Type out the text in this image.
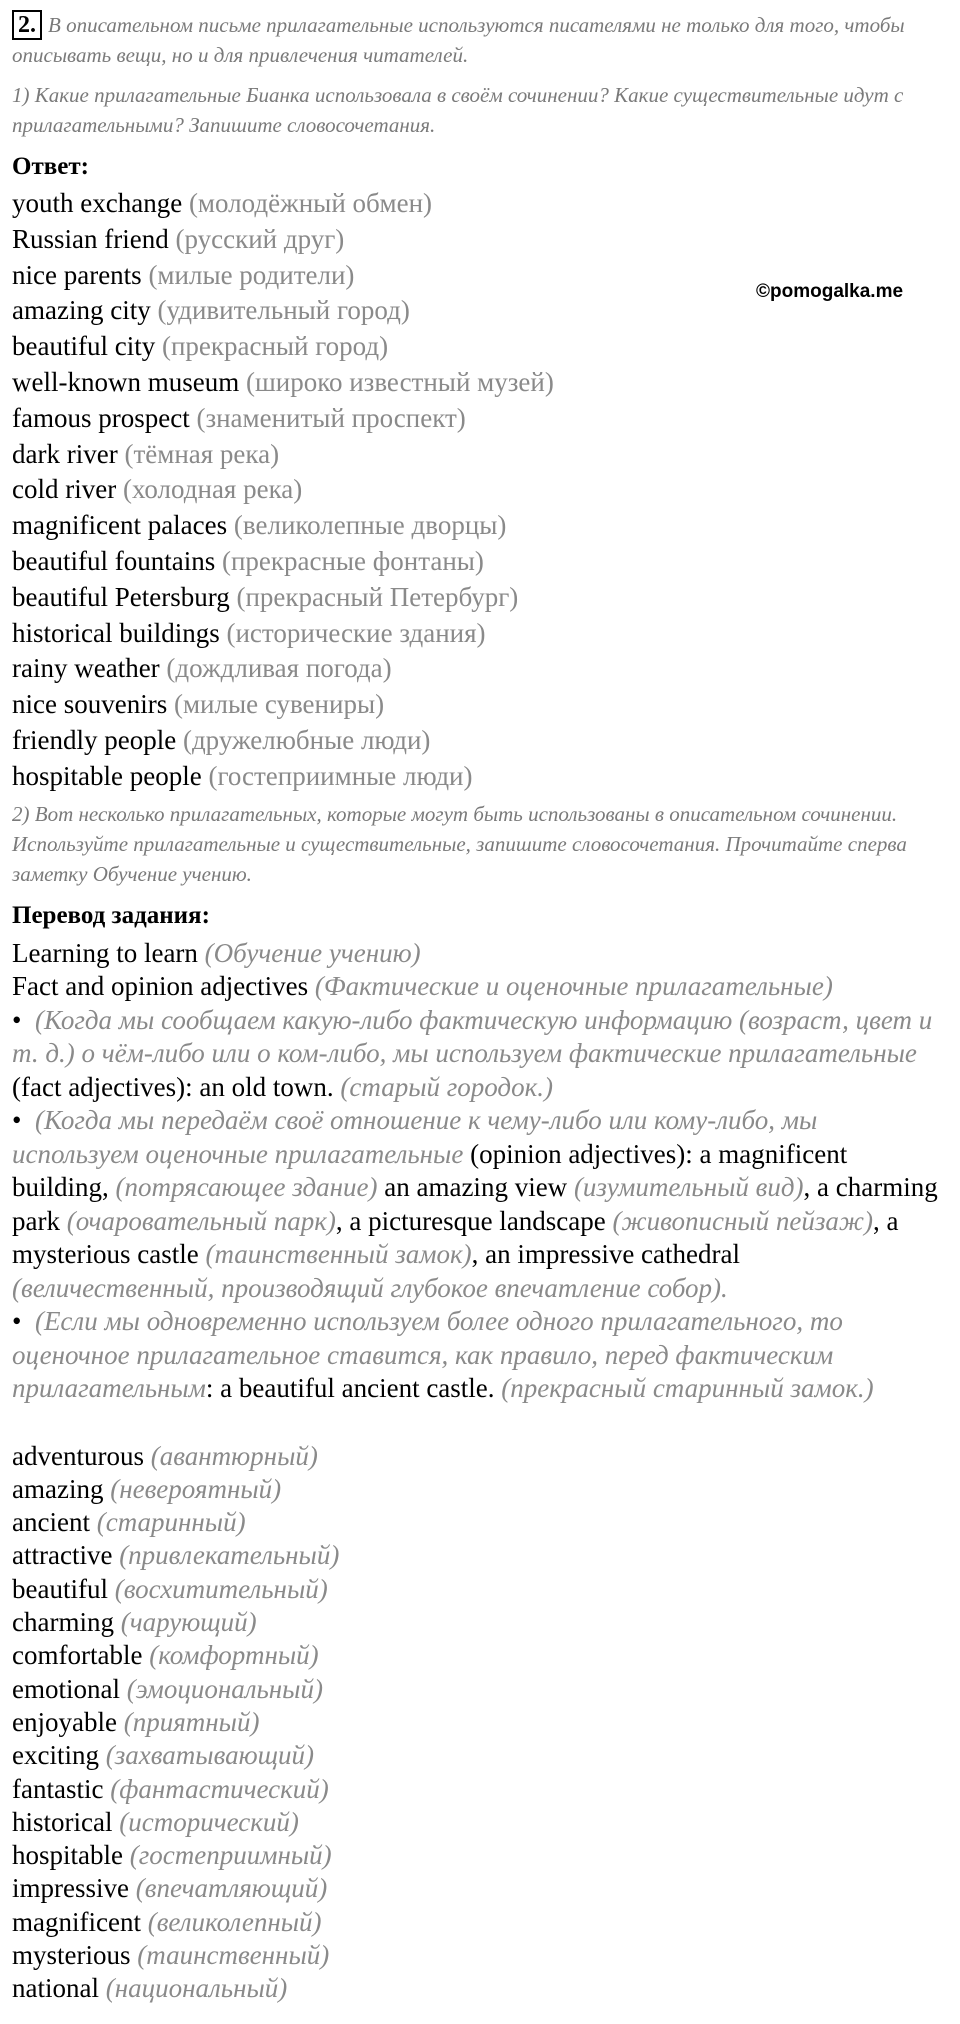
2. В описательном письме прилагательные используются писателями не только для того, чтобы описывать вещи, но и для привлечения читателей.
1) Какие прилагательные Бианка использовала в своём сочинении? Какие существительные идут с прилагательными? Запишите словосочетания.
Ответ:
youth exchange (молодёжный обмен)
Russian friend (русский друг)
nice parents (милые родители)
amazing city (удивительный город)
beautiful city (прекрасный город)
well-known museum (широко известный музей)
famous prospect (знаменитый проспект)
dark river (тёмная река)
cold river (холодная река)
magnificent palaces (великолепные дворцы)
beautiful fountains (прекрасные фонтаны)
beautiful Petersburg (прекрасный Петербург)
historical buildings (исторические здания)
rainy weather (дождливая погода)
nice souvenirs (милые сувениры)
friendly people (дружелюбные люди)
hospitable people (гостеприимные люди)
2) Вот несколько прилагательных, которые могут быть использованы в описательном сочинении. Используйте прилагательные и существительные, запишите словосочетания. Прочитайте сперва заметку Обучение учению.
Перевод задания:
Learning to learn (Обучение учению)
Fact and opinion adjectives (Фактические и оценочные прилагательные)
• (Когда мы сообщаем какую-либо фактическую информацию (возраст, цвет и т. д.) о чём-либо или о ком-либо, мы используем фактические прилагательные (fact adjectives): an old town. (старый городок.)
• (Когда мы передаём своё отношение к чему-либо или кому-либо, мы используем оценочные прилагательные (opinion adjectives): a magnificent building, (потрясающее здание) an amazing view (изумительный вид), a charming park (очаровательный парк), a picturesque landscape (живописный пейзаж), a mysterious castle (таинственный замок), an impressive cathedral (величественный, производящий глубокое впечатление собор).
• (Если мы одновременно используем более одного прилагательного, то оценочное прилагательное ставится, как правило, перед фактическим прилагательным: a beautiful ancient castle. (прекрасный старинный замок.)
adventurous (авантюрный)
amazing (невероятный)
ancient (старинный)
attractive (привлекательный)
beautiful (восхитительный)
charming (чарующий)
comfortable (комфортный)
emotional (эмоциональный)
enjoyable (приятный)
exciting (захватывающий)
fantastic (фантастический)
historical (исторический)
hospitable (гостеприимный)
impressive (впечатляющий)
magnificent (великолепный)
mysterious (таинственный)
national (национальный)
©pomogalka.me
